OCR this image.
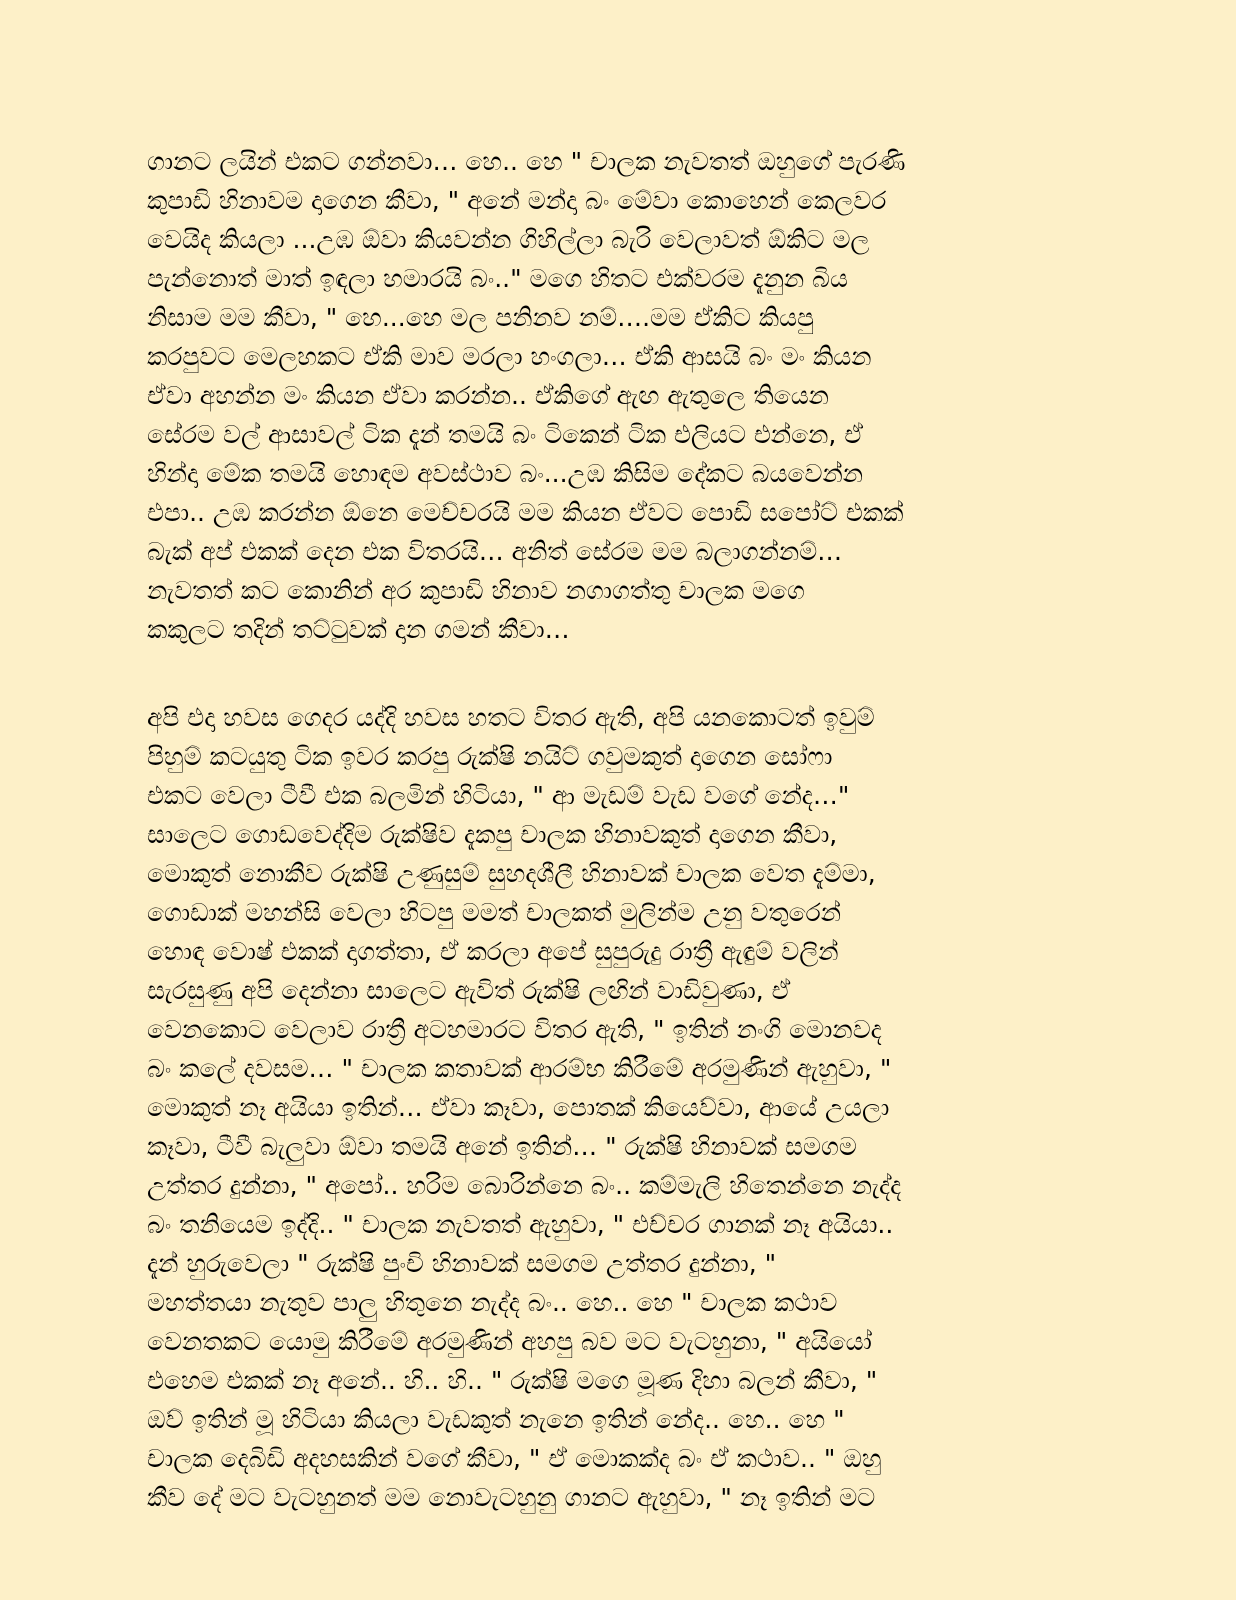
ගානට ලයින් එකට ගන්නවා… හෙ.. හෙ " චාලක නැවතත් ඔහුගේ පැරණි
කුපාඩි හිනාවම දාගෙන කීවා, " අනේ මන්දා බං මේවා කොහෙන් කෙලවර
වෙයිද කියලා ...උඹ ඕවා කියවන්න ගිහිල්ලා බැරි වෙලාවත් ඕකිට මල
පැන්නොත් මාත් ඉඳලා හමාරයි බං.." මගෙ හිතට එක්වරම දැනුන බිය
නිසාම මම කීවා, " හෙ...හෙ මල පනිනව නම්….මම ඒකිට කියපු
කරපුවට මෙලහකට ඒකි මාව මරලා හංගලා… ඒකි ආසයි බං මං කියන
ඒවා අහන්න මං කියන ඒවා කරන්න.. ඒකිගේ ඇඟ ඇතුලෙ තියෙන
සේරම වල් ආසාවල් ටික දැන් තමයි බං ටිකෙන් ටික එලියට එන්නෙ, ඒ
හින්දා මේක තමයි හොඳම අවස්ථාව බං...උඹ කිසිම දේකට බයවෙන්න
එපා.. උඹ කරන්න ඕනෙ මෙච්චරයි මම කියන ඒවට පොඩි සපෝට් එකක්
බැක් අප් එකක් දෙන එක විතරයි… අනිත් සේරම මම බලාගන්නම්…
නැවතත් කට කොනින් අර කුපාඩි හිනාව නගාගත්තු චාලක මගෙ
කකුලට තදින් තට්ටුවක් දාන ගමන් කීවා…
අපි එදා හවස ගෙදර යද්දි හවස හතට විතර ඇති, අපි යනකොටත් ඉවුම්
පිහුම් කටයුතු ටික ඉවර කරපු රුක්ෂි නයිට් ගවුමකුත් දාගෙන සෝෆා
එකට වෙලා ටීවී එක බලමින් හිටියා, " ආ මැඩම් වැඩ වගේ නේද…"
සාලෙට ගොඩවෙද්දිම රුක්ෂිව දැකපු චාලක හිනාවකුත් දාගෙන කීවා,
මොකුත් නොකීව රුක්ෂි උණුසුම් සුහදශීලී හිනාවක් චාලක වෙත දැම්මා,
ගොඩාක් මහන්සි වෙලා හිටපු මමත් චාලකත් මුලින්ම උනු වතුරෙන්
හොඳ වොෂ් එකක් දාගත්තා, ඒ කරලා අපේ සුපුරුදු රාත්‍රී ඇඳුම් වලින්
සැරසුණු අපි දෙන්නා සාලෙට ඇවිත් රුක්ෂි ලඟින් වාඩිවුණා, ඒ
වෙනකොට වෙලාව රාත්‍රී අටහමාරට විතර ඇති, " ඉතින් නංගි මොනවද
බං කලේ දවසම… " චාලක කතාවක් ආරම්භ කිරීමේ අරමුණින් ඇහුවා, "
මොකුත් නෑ අයියා ඉතින්… ඒවා කෑවා, පොතක් කියෙව්වා, ආයේ උයලා
කෑවා, ටීවී බැලුවා ඕවා තමයි අනේ ඉතින්… " රුක්ෂි හිනාවක් සමගම
උත්තර දුන්නා, " අපෝ.. හරිම බොරින්නෙ බං.. කම්මැලි හිතෙන්නෙ නැද්ද
බං තනියෙම ඉද්දි.. " චාලක නැවතත් ඇහුවා, " එච්චර ගානක් නෑ අයියා..
දැන් හුරුවෙලා " රුක්ෂි පුංචි හිනාවක් සමගම උත්තර දුන්නා, "
මහත්තයා නැතුව පාලු හිතුනෙ නැද්ද බං.. හෙ.. හෙ " චාලක කථාව
වෙනතකට යොමු කිරීමේ අරමුණින් අහපු බව මට වැටහුනා, " අයියෝ
එහෙම එකක් නෑ අනේ.. හි.. හි.. " රුක්ෂි මගෙ මූණ දිහා බලන් කීවා, "
ඔව් ඉතින් මූ හිටියා කියලා වැඩකුත් නැනෙ ඉතින් නේද.. හෙ.. හෙ "
චාලක දෙබිඩි අදහසකින් වගේ කීවා, " ඒ මොකක්ද බං ඒ කථාව.. " ඔහු
කීව දේ මට වැටහුනත් මම නොවැටහුනු ගානට ඇහුවා, " නෑ ඉතින් මට
